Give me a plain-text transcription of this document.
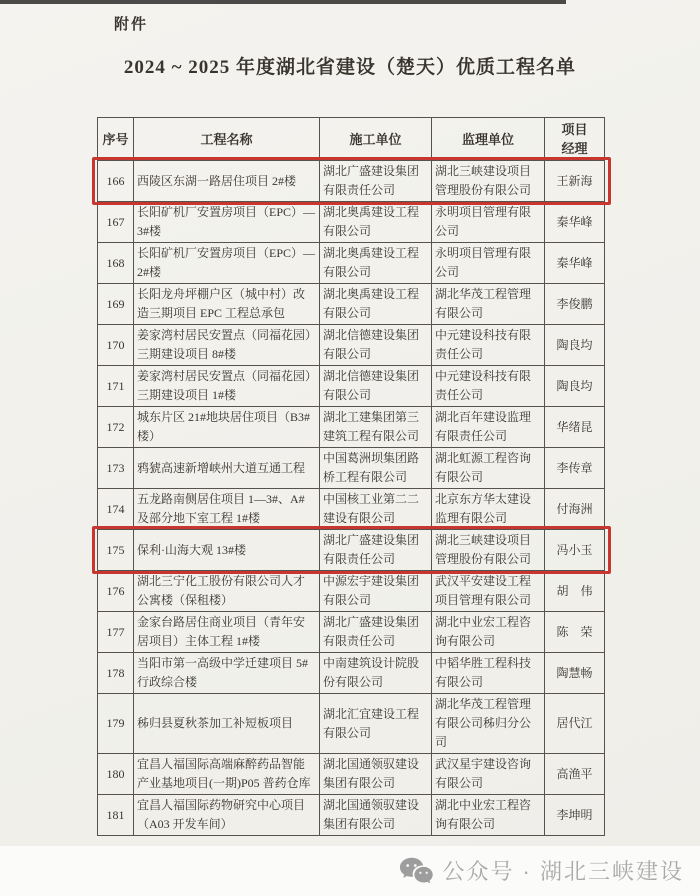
附件
2024 ~ 2025 年度湖北省建设（楚天）优质工程名单
序号	工程名称	施工单位	监理单位	项目经理
166	西陵区东湖一路居住项目 2#楼	湖北广盛建设集团有限责任公司	湖北三峡建设项目管理股份有限公司	王新海
167	长阳矿机厂安置房项目（EPC）—3#楼	湖北奥禹建设工程有限公司	永明项目管理有限公司	秦华峰
168	长阳矿机厂安置房项目（EPC）—2#楼	湖北奥禹建设工程有限公司	永明项目管理有限公司	秦华峰
169	长阳龙舟坪棚户区（城中村）改造三期项目 EPC 工程总承包	湖北奥禹建设工程有限公司	湖北华茂工程管理有限公司	李俊鹏
170	姜家湾村居民安置点（同福花园）三期建设项目 8#楼	湖北信德建设集团有限公司	中元建设科技有限责任公司	陶良均
171	姜家湾村居民安置点（同福花园）三期建设项目 1#楼	湖北信德建设集团有限公司	中元建设科技有限责任公司	陶良均
172	城东片区 21#地块居住项目（B3#楼）	湖北工建集团第三建筑工程有限公司	湖北百年建设监理有限责任公司	华绪昆
173	鸦猇高速新增峡州大道互通工程	中国葛洲坝集团路桥工程有限公司	湖北虹源工程咨询有限公司	李传章
174	五龙路南侧居住项目 1—3#、A#及部分地下室工程 1#楼	中国核工业第二二建设有限公司	北京东方华太建设监理有限公司	付海洲
175	保利·山海大观 13#楼	湖北广盛建设集团有限责任公司	湖北三峡建设项目管理股份有限公司	冯小玉
176	湖北三宁化工股份有限公司人才公寓楼（保租楼）	中源宏宇建设集团有限公司	武汉平安建设工程项目管理有限公司	胡　伟
177	金家台路居住商业项目（青年安居项目）主体工程 1#楼	湖北广盛建设集团有限责任公司	湖北中业宏工程咨询有限公司	陈　荣
178	当阳市第一高级中学迁建项目 5#行政综合楼	中南建筑设计院股份有限公司	中韬华胜工程科技有限公司	陶慧畅
179	秭归县夏秋茶加工补短板项目	湖北汇宜建设工程有限公司	湖北华茂工程管理有限公司秭归分公司	居代江
180	宜昌人福国际高端麻醉药品智能产业基地项目(一期)P05 普药仓库	湖北国通领驭建设集团有限公司	武汉星宇建设咨询有限公司	高渔平
181	宜昌人福国际药物研究中心项目（A03 开发车间）	湖北国通领驭建设集团有限公司	湖北中业宏工程咨询有限公司	李坤明
公众号 · 湖北三峡建设
